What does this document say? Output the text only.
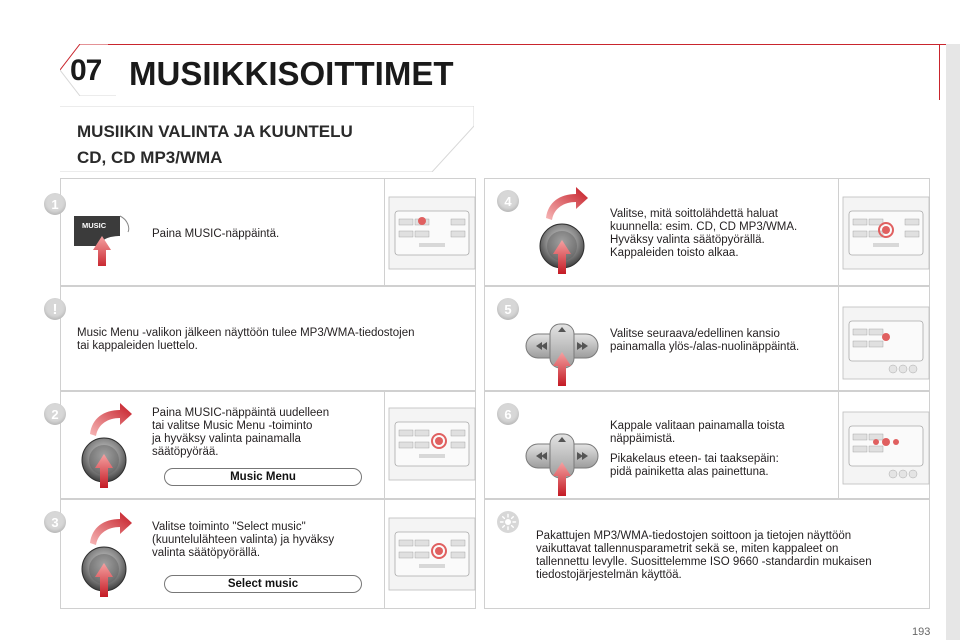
07 MUSIIKKISOITTIMET
MUSIIKIN VALINTA JA KUUNTELU
CD, CD MP3/WMA
1
MUSIC
Paina MUSIC-näppäintä.
!
Music Menu -valikon jälkeen näyttöön tulee MP3/WMA-tiedostojen
tai kappaleiden luettelo.
2	Paina MUSIC-näppäintä uudelleen
tai valitse Music Menu -toiminto
ja hyväksy valinta painamalla
säätöpyörää.
Music Menu
3	Valitse toiminto "Select music"
(kuuntelulähteen valinta) ja hyväksy
valinta säätöpyörällä.
Select music
4
Valitse, mitä soittolähdettä haluat
kuunnella: esim. CD, CD MP3/WMA.
Hyväksy valinta säätöpyörällä.
Kappaleiden toisto alkaa.
5
Valitse seuraava/edellinen kansio
painamalla ylös-/alas-nuolinäppäintä.
6
Kappale valitaan painamalla toista
näppäimistä.
Pikakelaus eteen- tai taaksepäin:
pidä painiketta alas painettuna.
Pakattujen MP3/WMA-tiedostojen soittoon ja tietojen näyttöön
vaikuttavat tallennusparametrit sekä se, miten kappaleet on
tallennettu levylle. Suosittelemme ISO 9660 -standardin mukaisen
tiedostojärjestelmän käyttöä.
193
